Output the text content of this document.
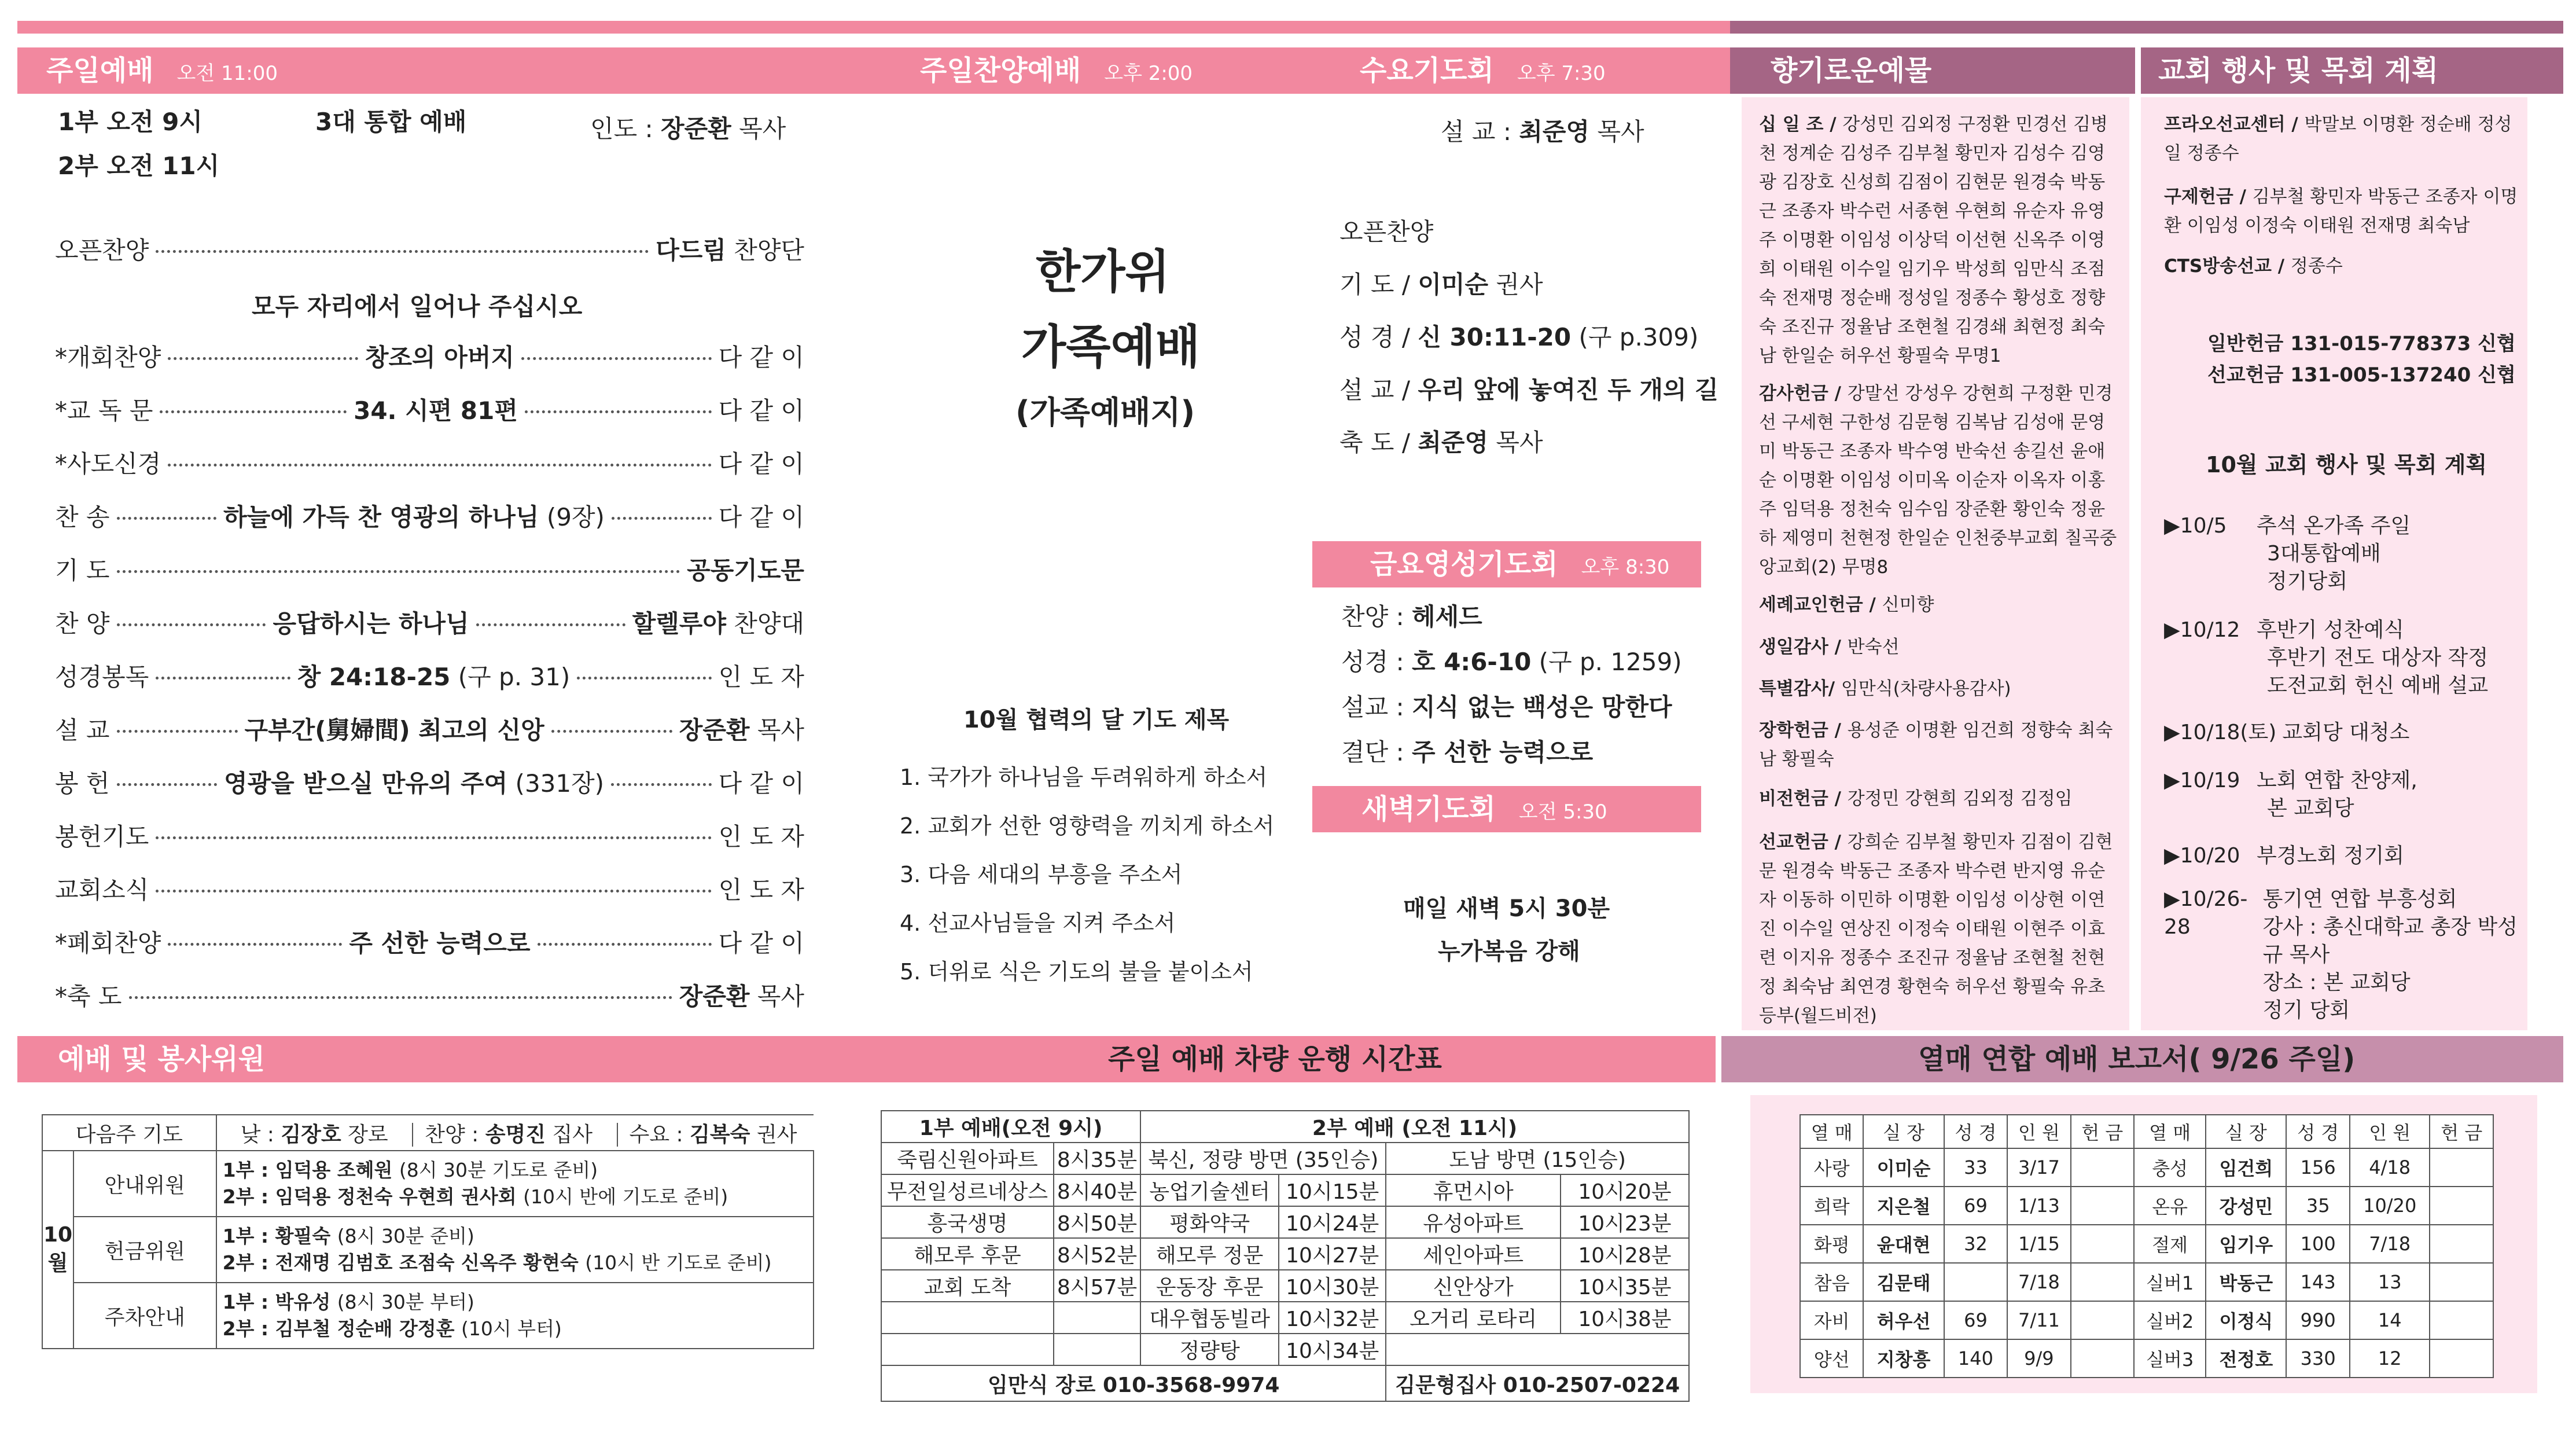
주일예배 오전 11:00	주일찬양예배 오후 2:00	수요기도회 오후 7:30	향기로운예물	교회 행사 및 목회 계획
1부 오전 9시
2부 오전 11시
3대 통합 예배	인도 : 장준환 목사
오픈찬양	다드림 찬양단
*개회찬양	창조의 아버지	다 같 이
*교 독 문	34. 시편 81편	다 같 이
*사도신경	다 같 이
찬 송	하늘에 가득 찬 영광의 하나님 (9장)	다 같 이
기 도	공동기도문
찬 양	응답하시는 하나님	할렐루야 찬양대
성경봉독	창 24:18-25 (구 p. 31)	인 도 자
설 교	구부간(舅婦間) 최고의 신앙	장준환 목사
봉 헌	영광을 받으실 만유의 주여 (331장)	다 같 이
봉헌기도	인 도 자
교회소식	인 도 자
*폐회찬양	주 선한 능력으로	다 같 이
*축 도	장준환 목사
모두 자리에서 일어나 주십시오
한가위
가족예배
(가족예배지)
10월 협력의 달 기도 제목
1. 국가가 하나님을 두려워하게 하소서
2. 교회가 선한 영향력을 끼치게 하소서
3. 다음 세대의 부흥을 주소서
4. 선교사님들을 지켜 주소서
5. 더위로 식은 기도의 불을 붙이소서
설 교 : 최준영 목사
오픈찬양
기 도 / 이미순 권사
성 경 / 신 30:11-20 (구 p.309)
설 교 / 우리 앞에 놓여진 두 개의 길
축 도 / 최준영 목사
금요영성기도회 오후 8:30
찬양 : 헤세드
성경 : 호 4:6-10 (구 p. 1259)
설교 : 지식 없는 백성은 망한다
결단 : 주 선한 능력으로
새벽기도회 오전 5:30
매일 새벽 5시 30분
누가복음 강해
십 일 조 / 강성민 김외정 구정환 민경선 김병천 정계순 김성주 김부철 황민자 김성수 김영광 김장호 신성희 김점이 김현문 원경숙 박동근 조종자 박수런 서종현 우현희 유순자 유영주 이명환 이임성 이상덕 이선현 신옥주 이영희 이태원 이수일 임기우 박성희 임만식 조점숙 전재명 정순배 정성일 정종수 황성호 정향숙 조진규 정율남 조현철 김경쇄 최현정 최숙남 한일순 허우선 황필숙 무명1
감사헌금 / 강말선 강성우 강현희 구정환 민경선 구세현 구한성 김문형 김복남 김성애 문영미 박동근 조종자 박수영 반숙선 송길선 윤애순 이명환 이임성 이미옥 이순자 이옥자 이홍주 임덕용 정천숙 임수임 장준환 황인숙 정윤하 제영미 천현정 한일순 인천중부교회 칠곡중앙교회(2) 무명8
세례교인헌금 / 신미향
생일감사 / 반숙선
특별감사/ 임만식(차량사용감사)
장학헌금 / 용성준 이명환 임건희 정향숙 최숙남 황필숙
비전헌금 / 강정민 강현희 김외정 김정임
선교헌금 / 강희순 김부철 황민자 김점이 김현문 원경숙 박동근 조종자 박수련 반지영 유순자 이동하 이민하 이명환 이임성 이상현 이연진 이수일 연상진 이정숙 이태원 이현주 이효련 이지유 정종수 조진규 정율남 조현철 천현정 최숙남 최연경 황현숙 허우선 황필숙 유초등부(월드비전)
프라오선교센터 / 박말보 이명환 정순배 정성일 정종수
구제헌금 / 김부철 황민자 박동근 조종자 이명환 이임성 이정숙 이태원 전재명 최숙남
CTS방송선교 / 정종수
일반헌금 131-015-778373 신협
선교헌금 131-005-137240 신협
10월 교회 행사 및 목회 계획
▶10/5	추석 온가족 주일
3대통합예배
정기당회
▶10/12 후반기 성찬예식
후반기 전도 대상자 작정
도전교회 헌신 예배 설교
▶10/18(토) 교회당 대청소
▶10/19 노회 연합 찬양제,
본 교회당
▶10/20 부경노회 정기회
▶10/26-28
통기연 연합 부흥성회
강사 : 총신대학교 총장 박성규 목사
장소 : 본 교회당
정기 당회
예배 및 봉사위원	주일 예배 차량 운행 시간표	열매 연합 예배 보고서( 9/26 주일)
다음주 기도		낮 : 김장호 장로 찬양 : 송명진 집사 수요 : 김복숙 권사
10월	안내위원	1부 : 임덕용 조혜원 (8시 30분 기도로 준비)
2부 : 임덕용 정천숙 우현희 권사회 (10시 반에 기도로 준비)

	헌금위원	1부 : 황필숙 (8시 30분 준비)
2부 : 전재명 김범호 조점숙 신옥주 황현숙 (10시 반 기도로 준비)

	주차안내	1부 : 박유성 (8시 30분 부터)
2부 : 김부철 정순배 강정훈 (10시 부터)
1부 예배(오전 9시)		2부 예배 (오전 11시)			
죽림신원아파트	8시35분	북신, 정량 방면 (35인승)		도남 방면 (15인승)	
무전일성르네상스	8시40분	농업기술센터	10시15분	휴먼시아	10시20분
흥국생명	8시50분	평화약국	10시24분	유성아파트	10시23분
해모루 후문	8시52분	해모루 정문	10시27분	세인아파트	10시28분
교회 도착	8시57분	운동장 후문	10시30분	신안상가	10시35분
		대우협동빌라	10시32분	오거리 로타리	10시38분
		정량탕	10시34분		
임만식 장로 010-3568-9974				김문형집사 010-2507-0224	
열 매	실 장	성 경	인 원	헌 금	열 매	실 장	성 경	인 원	헌 금
사랑	이미순	33	3/17		충성	임건희	156	4/18	
희락	지은철	69	1/13		온유	강성민	35	10/20	
화평	윤대현	32	1/15		절제	임기우	100	7/18	
참음	김문태		7/18		실버1	박동근	143	13	
자비	허우선	69	7/11		실버2	이정식	990	14	
양선	지창흥	140	9/9		실버3	전정호	330	12	
